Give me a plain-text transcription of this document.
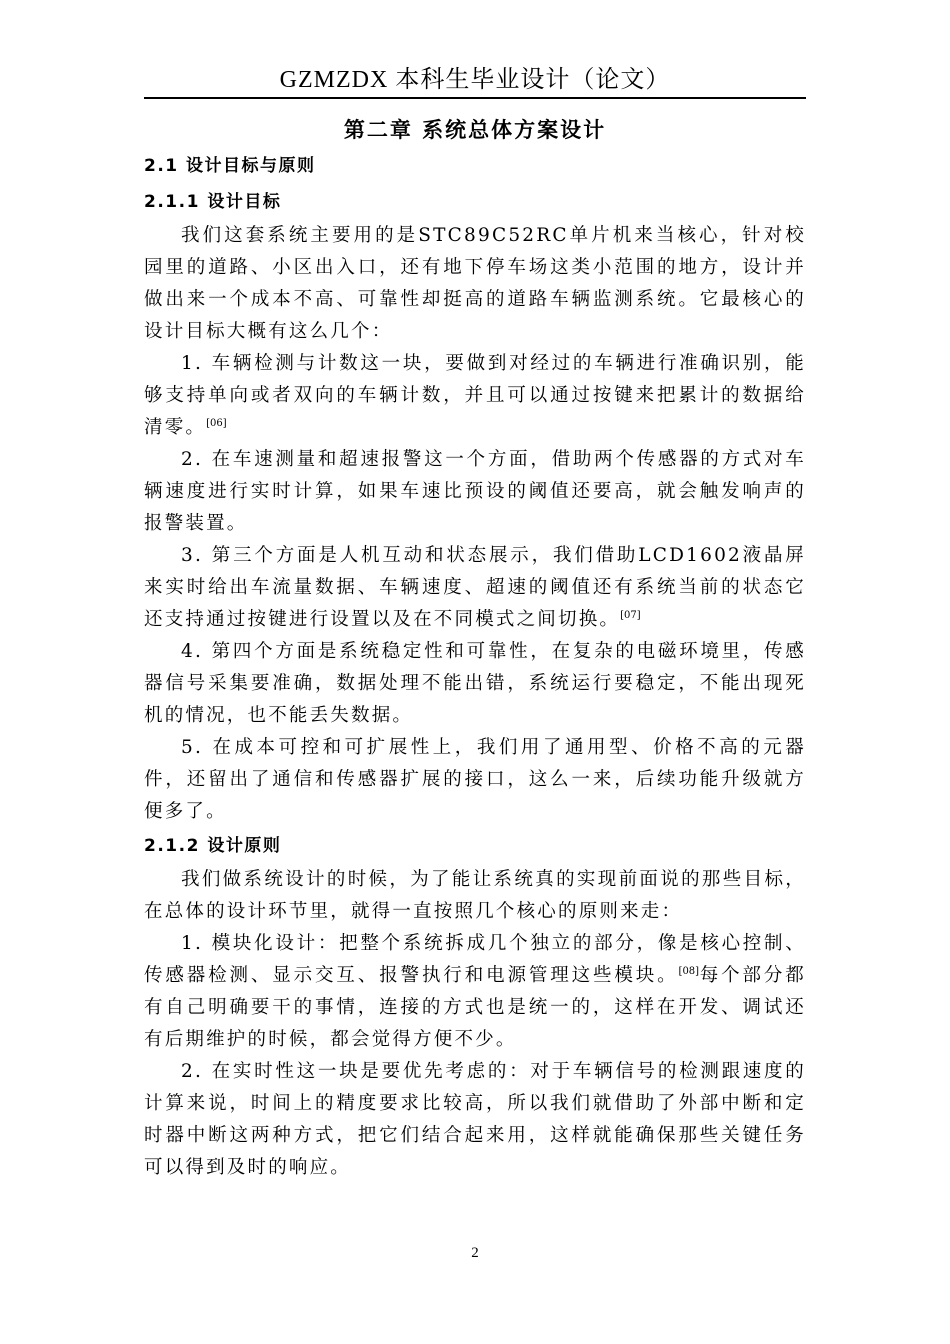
GZMZDX 本科生毕业设计（论文）
第二章 系统总体方案设计
2.1 设计目标与原则
2.1.1 设计目标

我们这套系统主要用的是STC89C52RC单片机来当核心，针对校园里的道路、小区出入口，还有地下停车场这类小范围的地方，设计并做出来一个成本不高、可靠性却挺高的道路车辆监测系统。它最核心的设计目标大概有这么几个：

1. 车辆检测与计数这一块，要做到对经过的车辆进行准确识别，能够支持单向或者双向的车辆计数，并且可以通过按键来把累计的数据给清零。[06]

2. 在车速测量和超速报警这一个方面，借助两个传感器的方式对车辆速度进行实时计算，如果车速比预设的阈值还要高，就会触发响声的报警装置。

3. 第三个方面是人机互动和状态展示，我们借助LCD1602液晶屏来实时给出车流量数据、车辆速度、超速的阈值还有系统当前的状态它还支持通过按键进行设置以及在不同模式之间切换。[07]

4. 第四个方面是系统稳定性和可靠性，在复杂的电磁环境里，传感器信号采集要准确，数据处理不能出错，系统运行要稳定，不能出现死机的情况，也不能丢失数据。

5. 在成本可控和可扩展性上，我们用了通用型、价格不高的元器件，还留出了通信和传感器扩展的接口，这么一来，后续功能升级就方便多了。

2.1.2 设计原则

我们做系统设计的时候，为了能让系统真的实现前面说的那些目标，在总体的设计环节里，就得一直按照几个核心的原则来走：

1. 模块化设计：把整个系统拆成几个独立的部分，像是核心控制、传感器检测、显示交互、报警执行和电源管理这些模块。[08]每个部分都有自己明确要干的事情，连接的方式也是统一的，这样在开发、调试还有后期维护的时候，都会觉得方便不少。

2. 在实时性这一块是要优先考虑的：对于车辆信号的检测跟速度的计算来说，时间上的精度要求比较高，所以我们就借助了外部中断和定时器中断这两种方式，把它们结合起来用，这样就能确保那些关键任务可以得到及时的响应。

2
